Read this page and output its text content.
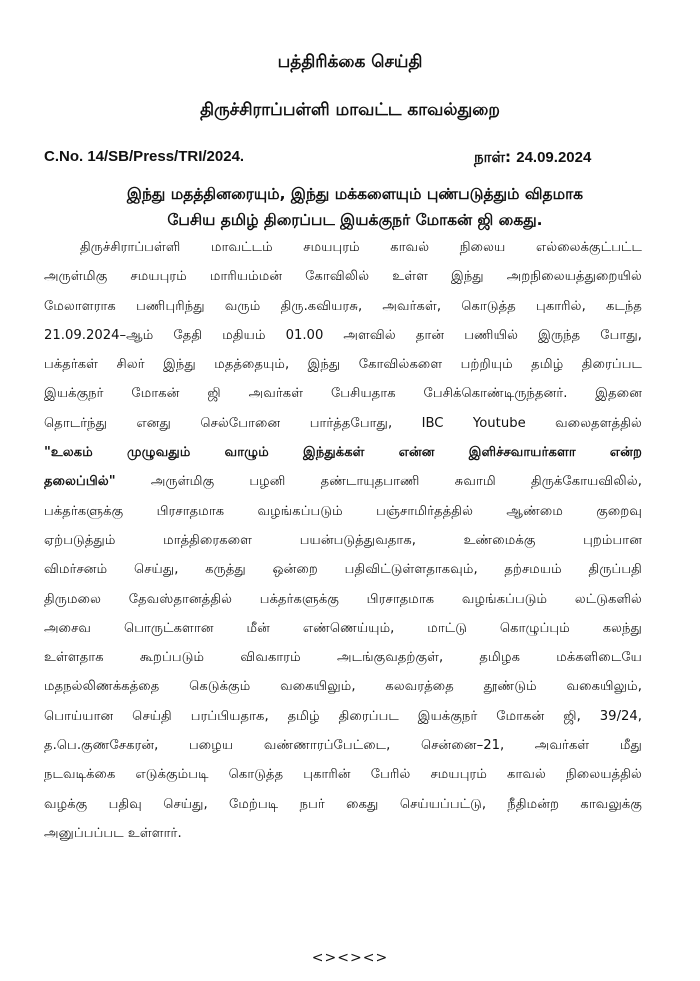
பத்திரிக்கை செய்தி
திருச்சிராப்பள்ளி மாவட்ட காவல்துறை
C.No. 14/SB/Press/TRI/2024.	நாள்: 24.09.2024
இந்து மதத்தினரையும், இந்து மக்களையும் புண்படுத்தும் விதமாக
பேசிய தமிழ் திரைப்பட இயக்குநர் மோகன் ஜி கைது.
திருச்சிராப்பள்ளி மாவட்டம் சமயபுரம் காவல் நிலைய எல்லைக்குட்பட்ட
அருள்மிகு சமயபுரம் மாரியம்மன் கோவிலில் உள்ள இந்து அறநிலையத்துறையில்
மேலாளராக பணிபுரிந்து வரும் திரு.கவியரசு, அவர்கள், கொடுத்த புகாரில், கடந்த
21.09.2024–ஆம் தேதி மதியம் 01.00 அளவில் தான் பணியில் இருந்த போது,
பக்தர்கள் சிலர் இந்து மதத்தையும், இந்து கோவில்களை பற்றியும் தமிழ் திரைப்பட
இயக்குநர் மோகன் ஜி அவர்கள் பேசியதாக பேசிக்கொண்டிருந்தனர். இதனை
தொடர்ந்து எனது செல்போனை பார்த்தபோது, IBC Youtube வலைதளத்தில்
"உலகம் முழுவதும் வாழும் இந்துக்கள் என்ன இளிச்சவாயர்களா என்ற
தலைப்பில்"	அருள்மிகு பழனி தண்டாயுதபாணி சுவாமி திருக்கோயவிலில்,
பக்தர்களுக்கு பிரசாதமாக வழங்கப்படும் பஞ்சாமிர்தத்தில் ஆண்மை குறைவு
ஏற்படுத்தும் மாத்திரைகளை பயன்படுத்துவதாக, உண்மைக்கு புறம்பான
விமர்சனம் செய்து, கருத்து ஒன்றை பதிவிட்டுள்ளதாகவும், தற்சமயம் திருப்பதி
திருமலை தேவஸ்தானத்தில் பக்தர்களுக்கு பிரசாதமாக வழங்கப்படும் லட்டுகளில்
அசைவ பொருட்களான மீன் எண்ணெய்யும், மாட்டு கொழுப்பும் கலந்து
உள்ளதாக கூறப்படும் விவகாரம் அடங்குவதற்குள், தமிழக மக்களிடையே
மதநல்லிணக்கத்தை கெடுக்கும் வகையிலும், கலவரத்தை தூண்டும் வகையிலும்,
பொய்யான செய்தி பரப்பியதாக, தமிழ் திரைப்பட இயக்குநர் மோகன் ஜி, 39/24,
த.பெ.குணசேகரன், பழைய வண்ணாரப்பேட்டை, சென்னை–21, அவர்கள் மீது
நடவடிக்கை எடுக்கும்படி கொடுத்த புகாரின் பேரில் சமயபுரம் காவல் நிலையத்தில்
வழக்கு பதிவு செய்து, மேற்படி நபர் கைது செய்யப்பட்டு, நீதிமன்ற காவலுக்கு
அனுப்பப்பட உள்ளார்.
<><><>
